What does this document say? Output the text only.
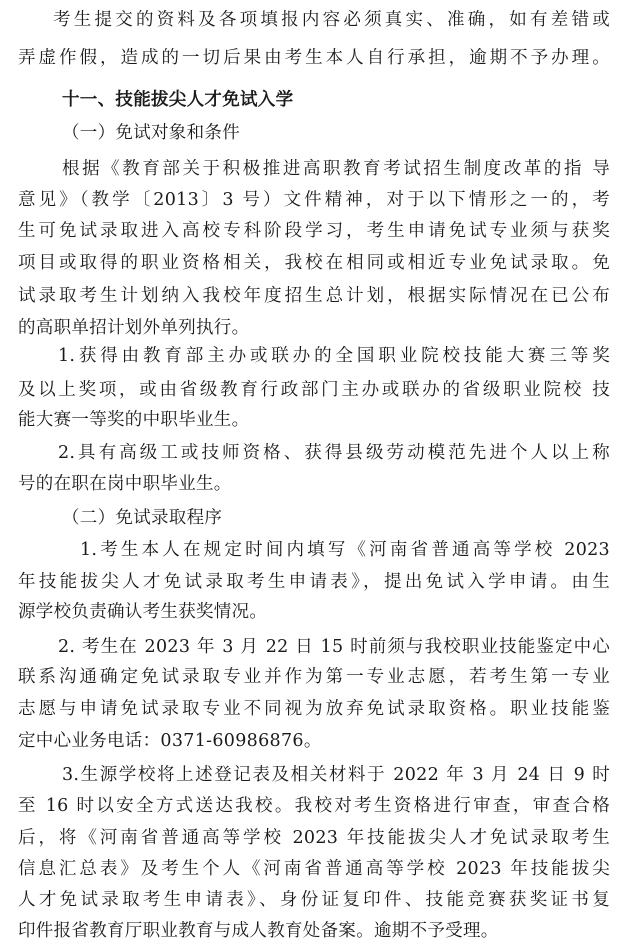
考生提交的资料及各项填报内容必须真实、准确，如有差错或
弄虚作假，造成的一切后果由考生本人自行承担，逾期不予办理。
十一、技能拔尖人才免试入学
（一）免试对象和条件
根据《教育部关于积极推进高职教育考试招生制度改革的指 导
意见》（教学〔2013〕3 号）文件精神，对于以下情形之一的，考
生可免试录取进入高校专科阶段学习，考生申请免试专业须与获奖
项目或取得的职业资格相关，我校在相同或相近专业免试录取。免
试录取考生计划纳入我校年度招生总计划，根据实际情况在已公布
的高职单招计划外单列执行。
1.获得由教育部主办或联办的全国职业院校技能大赛三等奖
及以上奖项，或由省级教育行政部门主办或联办的省级职业院校 技
能大赛一等奖的中职毕业生。
2.具有高级工或技师资格、获得县级劳动模范先进个人以上称
号的在职在岗中职毕业生。
（二）免试录取程序
1.考生本人在规定时间内填写《河南省普通高等学校 2023
年技能拔尖人才免试录取考生申请表》，提出免试入学申请。由生
源学校负责确认考生获奖情况。
2. 考生在 2023 年 3 月 22 日 15 时前须与我校职业技能鉴定中心
联系沟通确定免试录取专业并作为第一专业志愿，若考生第一专业
志愿与申请免试录取专业不同视为放弃免试录取资格。职业技能鉴
定中心业务电话：0371-60986876。
3.生源学校将上述登记表及相关材料于 2022 年 3 月 24 日 9 时
至 16 时以安全方式送达我校。我校对考生资格进行审查，审查合格
后，将《河南省普通高等学校 2023 年技能拔尖人才免试录取考生
信息汇总表》及考生个人《河南省普通高等学校 2023 年技能拔尖
人才免试录取考生申请表》、身份证复印件、技能竞赛获奖证书复
印件报省教育厅职业教育与成人教育处备案。逾期不予受理。
